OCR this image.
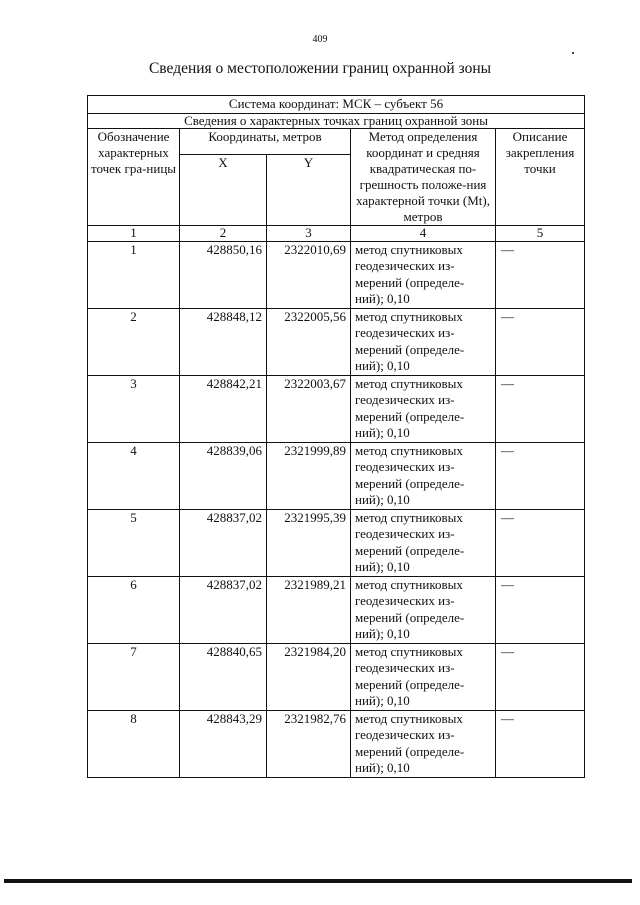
409
Сведения о местоположении границ охранной зоны
Система координат: МСК – субъект 56				
Сведения о характерных точках границ охранной зоны				
Обозначение характерных точек гра-ницы	Координаты, метров		Метод определения координат и средняя квадратическая по-грешность положе-ния характерной точки (Mt), метров	Описание закрепления точки
	X	Y		
1	2	3	4	5
1	428850,16	2322010,69	метод спутниковых геодезических из-мерений (определе-ний); 0,10	—
2	428848,12	2322005,56	метод спутниковых геодезических из-мерений (определе-ний); 0,10	—
3	428842,21	2322003,67	метод спутниковых геодезических из-мерений (определе-ний); 0,10	—
4	428839,06	2321999,89	метод спутниковых геодезических из-мерений (определе-ний); 0,10	—
5	428837,02	2321995,39	метод спутниковых геодезических из-мерений (определе-ний); 0,10	—
6	428837,02	2321989,21	метод спутниковых геодезических из-мерений (определе-ний); 0,10	—
7	428840,65	2321984,20	метод спутниковых геодезических из-мерений (определе-ний); 0,10	—
8	428843,29	2321982,76	метод спутниковых геодезических из-мерений (определе-ний); 0,10	—
